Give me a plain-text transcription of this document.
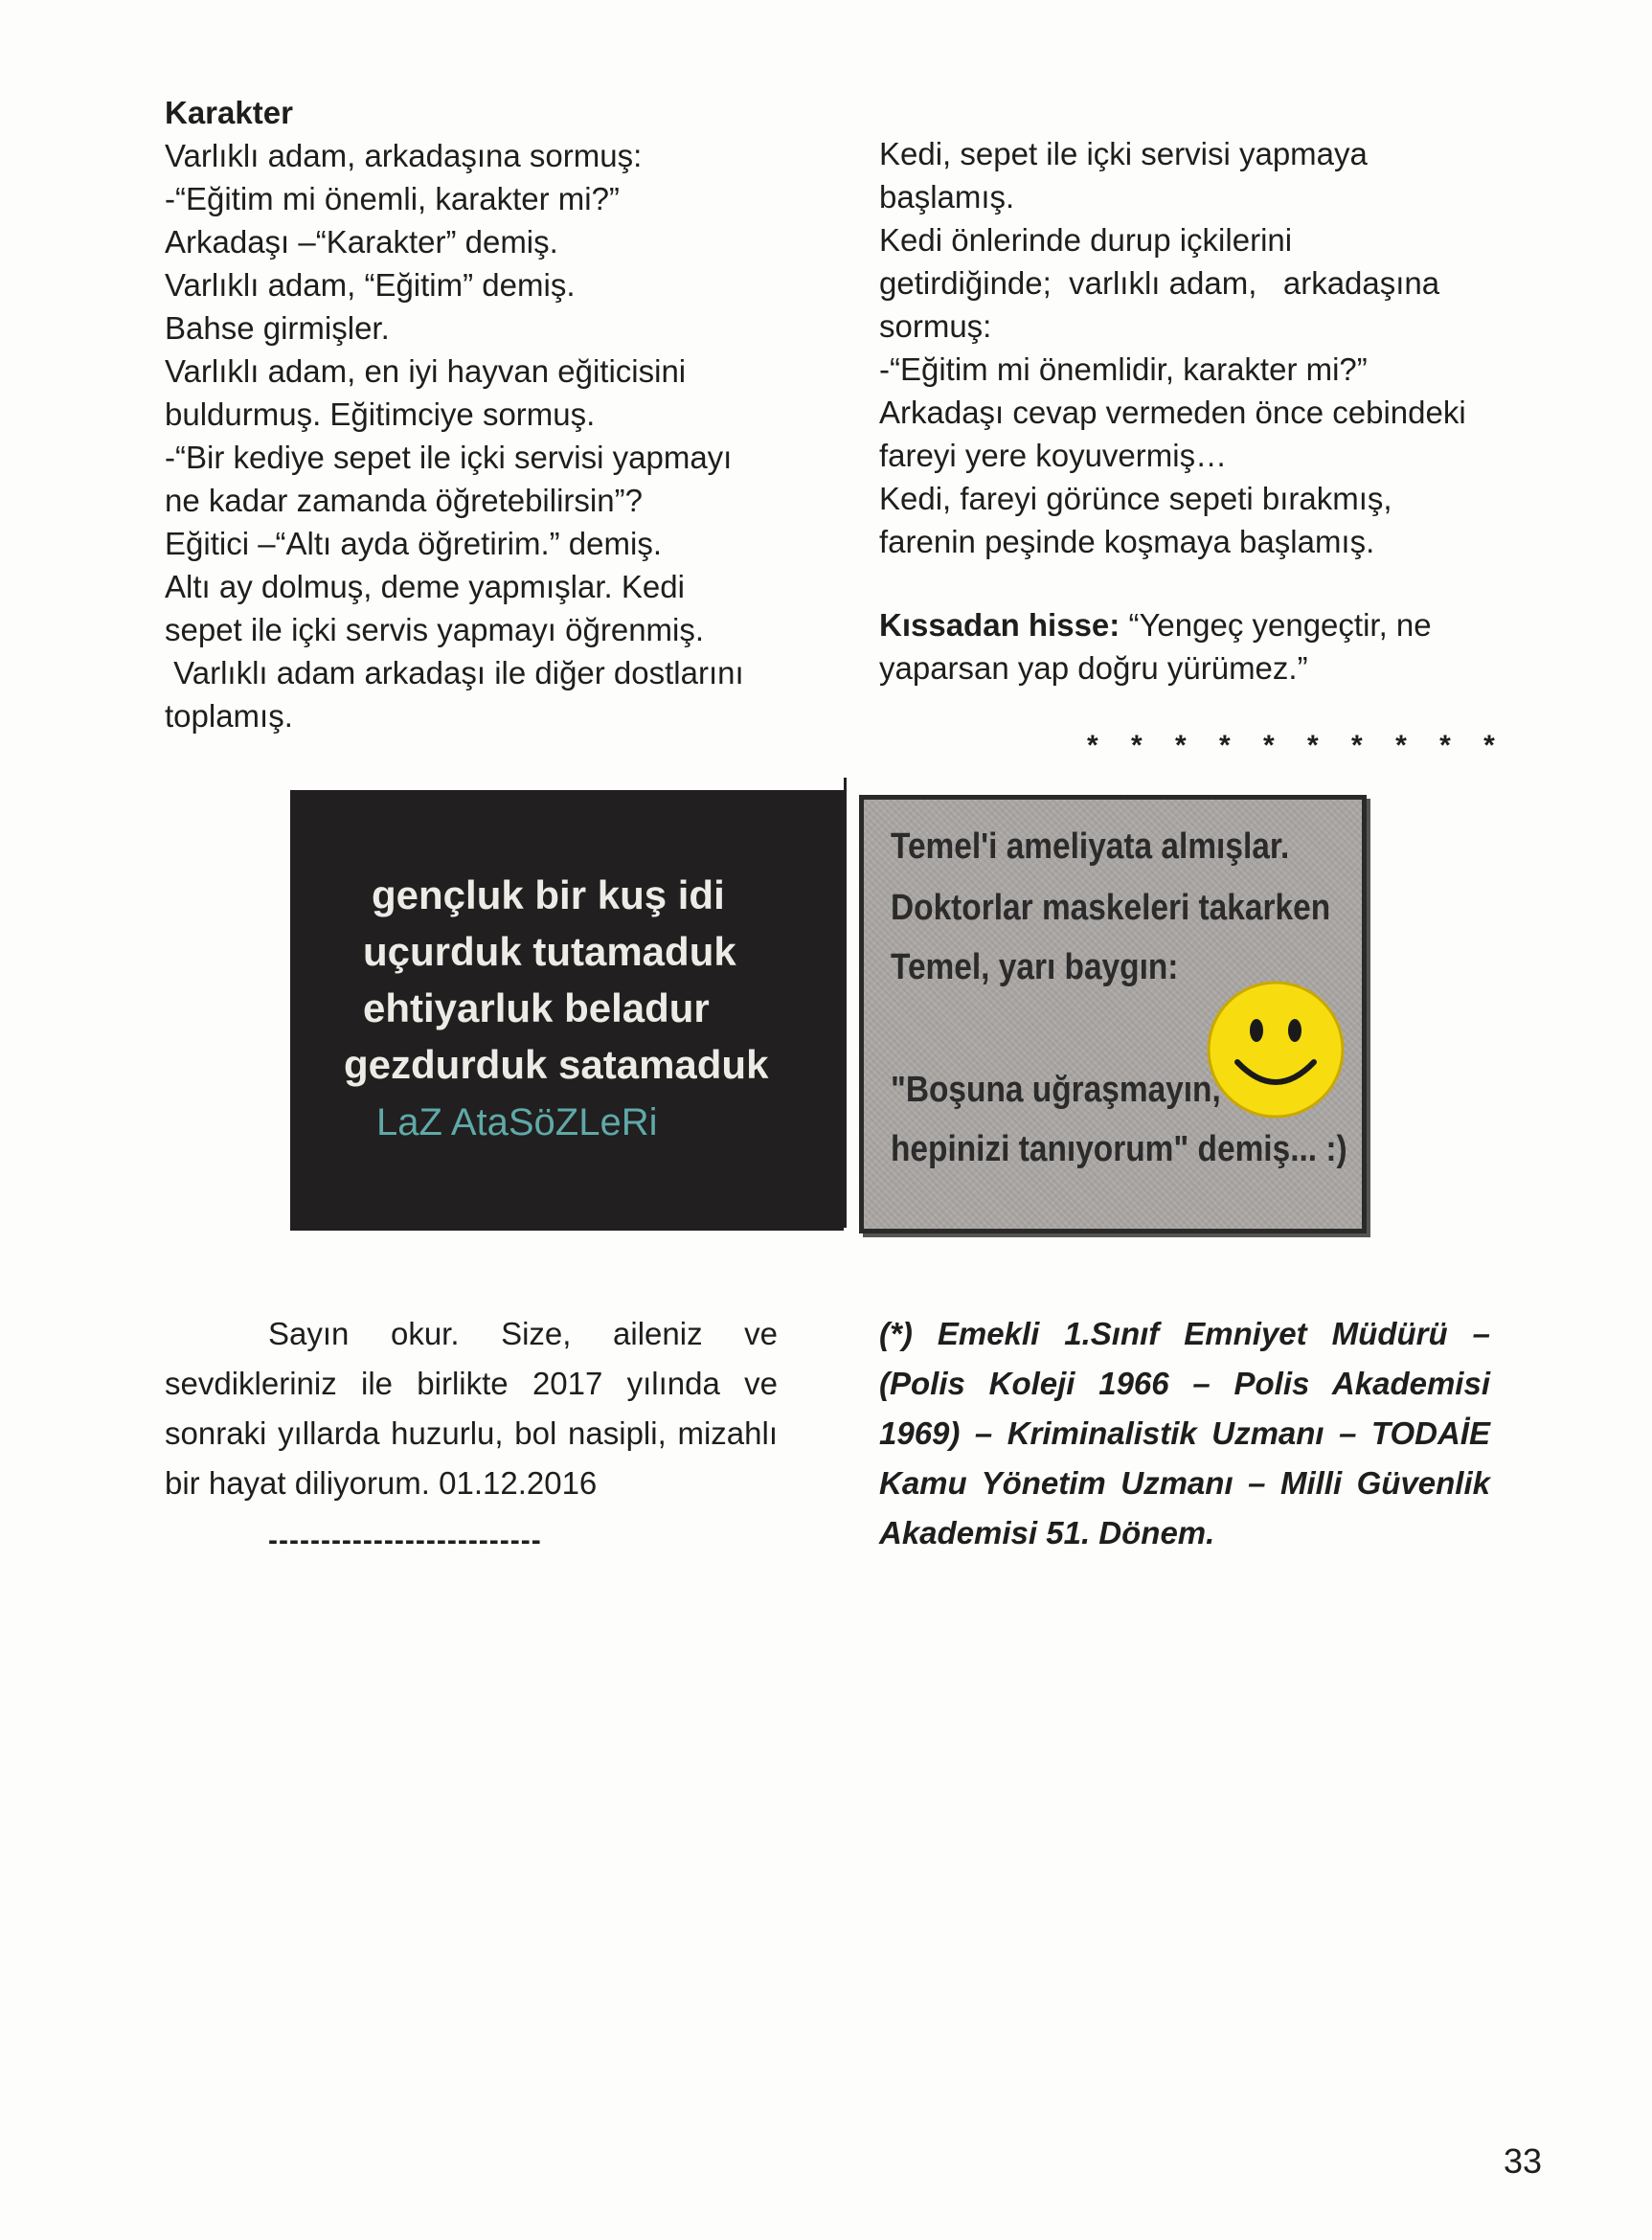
Karakter

Varlıklı adam, arkadaşına sormuş:

-“Eğitim mi önemli, karakter mi?”

Arkadaşı –“Karakter” demiş.

Varlıklı adam, “Eğitim” demiş.

Bahse girmişler.

Varlıklı adam, en iyi hayvan eğiticisini

buldurmuş. Eğitimciye sormuş.

-“Bir kediye sepet ile içki servisi yapmayı

ne kadar zamanda öğretebilirsin”?

Eğitici –“Altı ayda öğretirim.” demiş.

Altı ay dolmuş, deme yapmışlar. Kedi

sepet ile içki servis yapmayı öğrenmiş.

Varlıklı adam arkadaşı ile diğer dostlarını

toplamış.

Kedi, sepet ile içki servisi yapmaya

başlamış.

Kedi önlerinde durup içkilerini

getirdiğinde;  varlıklı adam,   arkadaşına

sormuş:

-“Eğitim mi önemlidir, karakter mi?”

Arkadaşı cevap vermeden önce cebindeki

fareyi yere koyuvermiş…

Kedi, fareyi görünce sepeti bırakmış,

farenin peşinde koşmaya başlamış.

Kıssadan hisse: “Yengeç yengeçtir, ne

yaparsan yap doğru yürümez.”

* * * * * * * * * *
gençluk bir kuş idi
uçurduk tutamaduk
ehtiyarluk beladur
gezdurduk satamaduk
LaZ AtaSöZLeRi
Temel'i ameliyata almışlar.
Doktorlar maskeleri takarken
Temel, yarı baygın:
"Boşuna uğraşmayın,
hepinizi tanıyorum" demiş... :)
Sayın okur. Size, aileniz ve sevdikleriniz ile birlikte 2017 yılında ve sonraki yıllarda huzurlu, bol nasipli, mizahlı bir hayat diliyorum. 01.12.2016
--------------------------
(*) Emekli 1.Sınıf Emniyet Müdürü – (Polis Koleji 1966 – Polis Akademisi 1969) – Kriminalistik Uzmanı – TODAİE Kamu Yönetim Uzmanı – Milli Güvenlik Akademisi 51. Dönem.
33
